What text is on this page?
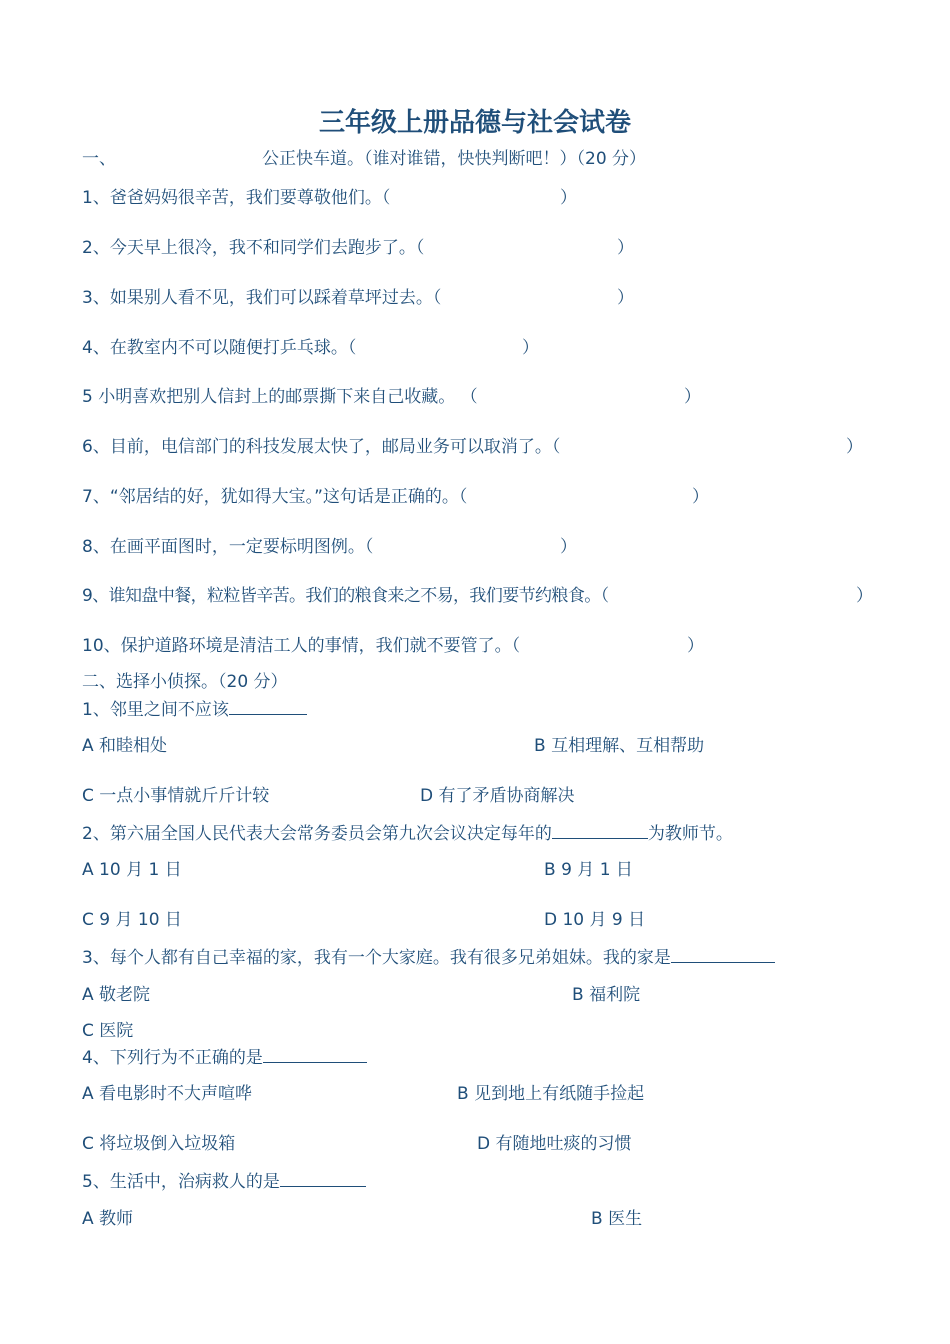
三年级上册品德与社会试卷
一、	公正快车道。（谁对谁错，快快判断吧！）（20 分）
1、爸爸妈妈很辛苦，我们要尊敬他们。（	）
2、今天早上很冷，我不和同学们去跑步了。（	）
3、如果别人看不见，我们可以踩着草坪过去。（	）
4、在教室内不可以随便打乒乓球。（	）
5 小明喜欢把别人信封上的邮票撕下来自己收藏。 （	）
6、目前，电信部门的科技发展太快了，邮局业务可以取消了。（	）
7、“邻居结的好，犹如得大宝。”这句话是正确的。（	）
8、在画平面图时，一定要标明图例。（	）
9、谁知盘中餐，粒粒皆辛苦。我们的粮食来之不易，我们要节约粮食。（	）
10、保护道路环境是清洁工人的事情，我们就不要管了。（	）
二、选择小侦探。（20 分）
1、邻里之间不应该
A 和睦相处	B 互相理解、互相帮助
C 一点小事情就斤斤计较	D 有了矛盾协商解决
2、第六届全国人民代表大会常务委员会第九次会议决定每年的	为教师节。
A 10 月 1 日	B 9 月 1 日
C 9 月 10 日	D 10 月 9 日
3、每个人都有自己幸福的家，我有一个大家庭。我有很多兄弟姐妹。我的家是
A 敬老院	B 福利院
C 医院
4、下列行为不正确的是
A 看电影时不大声喧哗	B 见到地上有纸随手捡起
C 将垃圾倒入垃圾箱	D 有随地吐痰的习惯
5、生活中，治病救人的是
A 教师	B 医生
